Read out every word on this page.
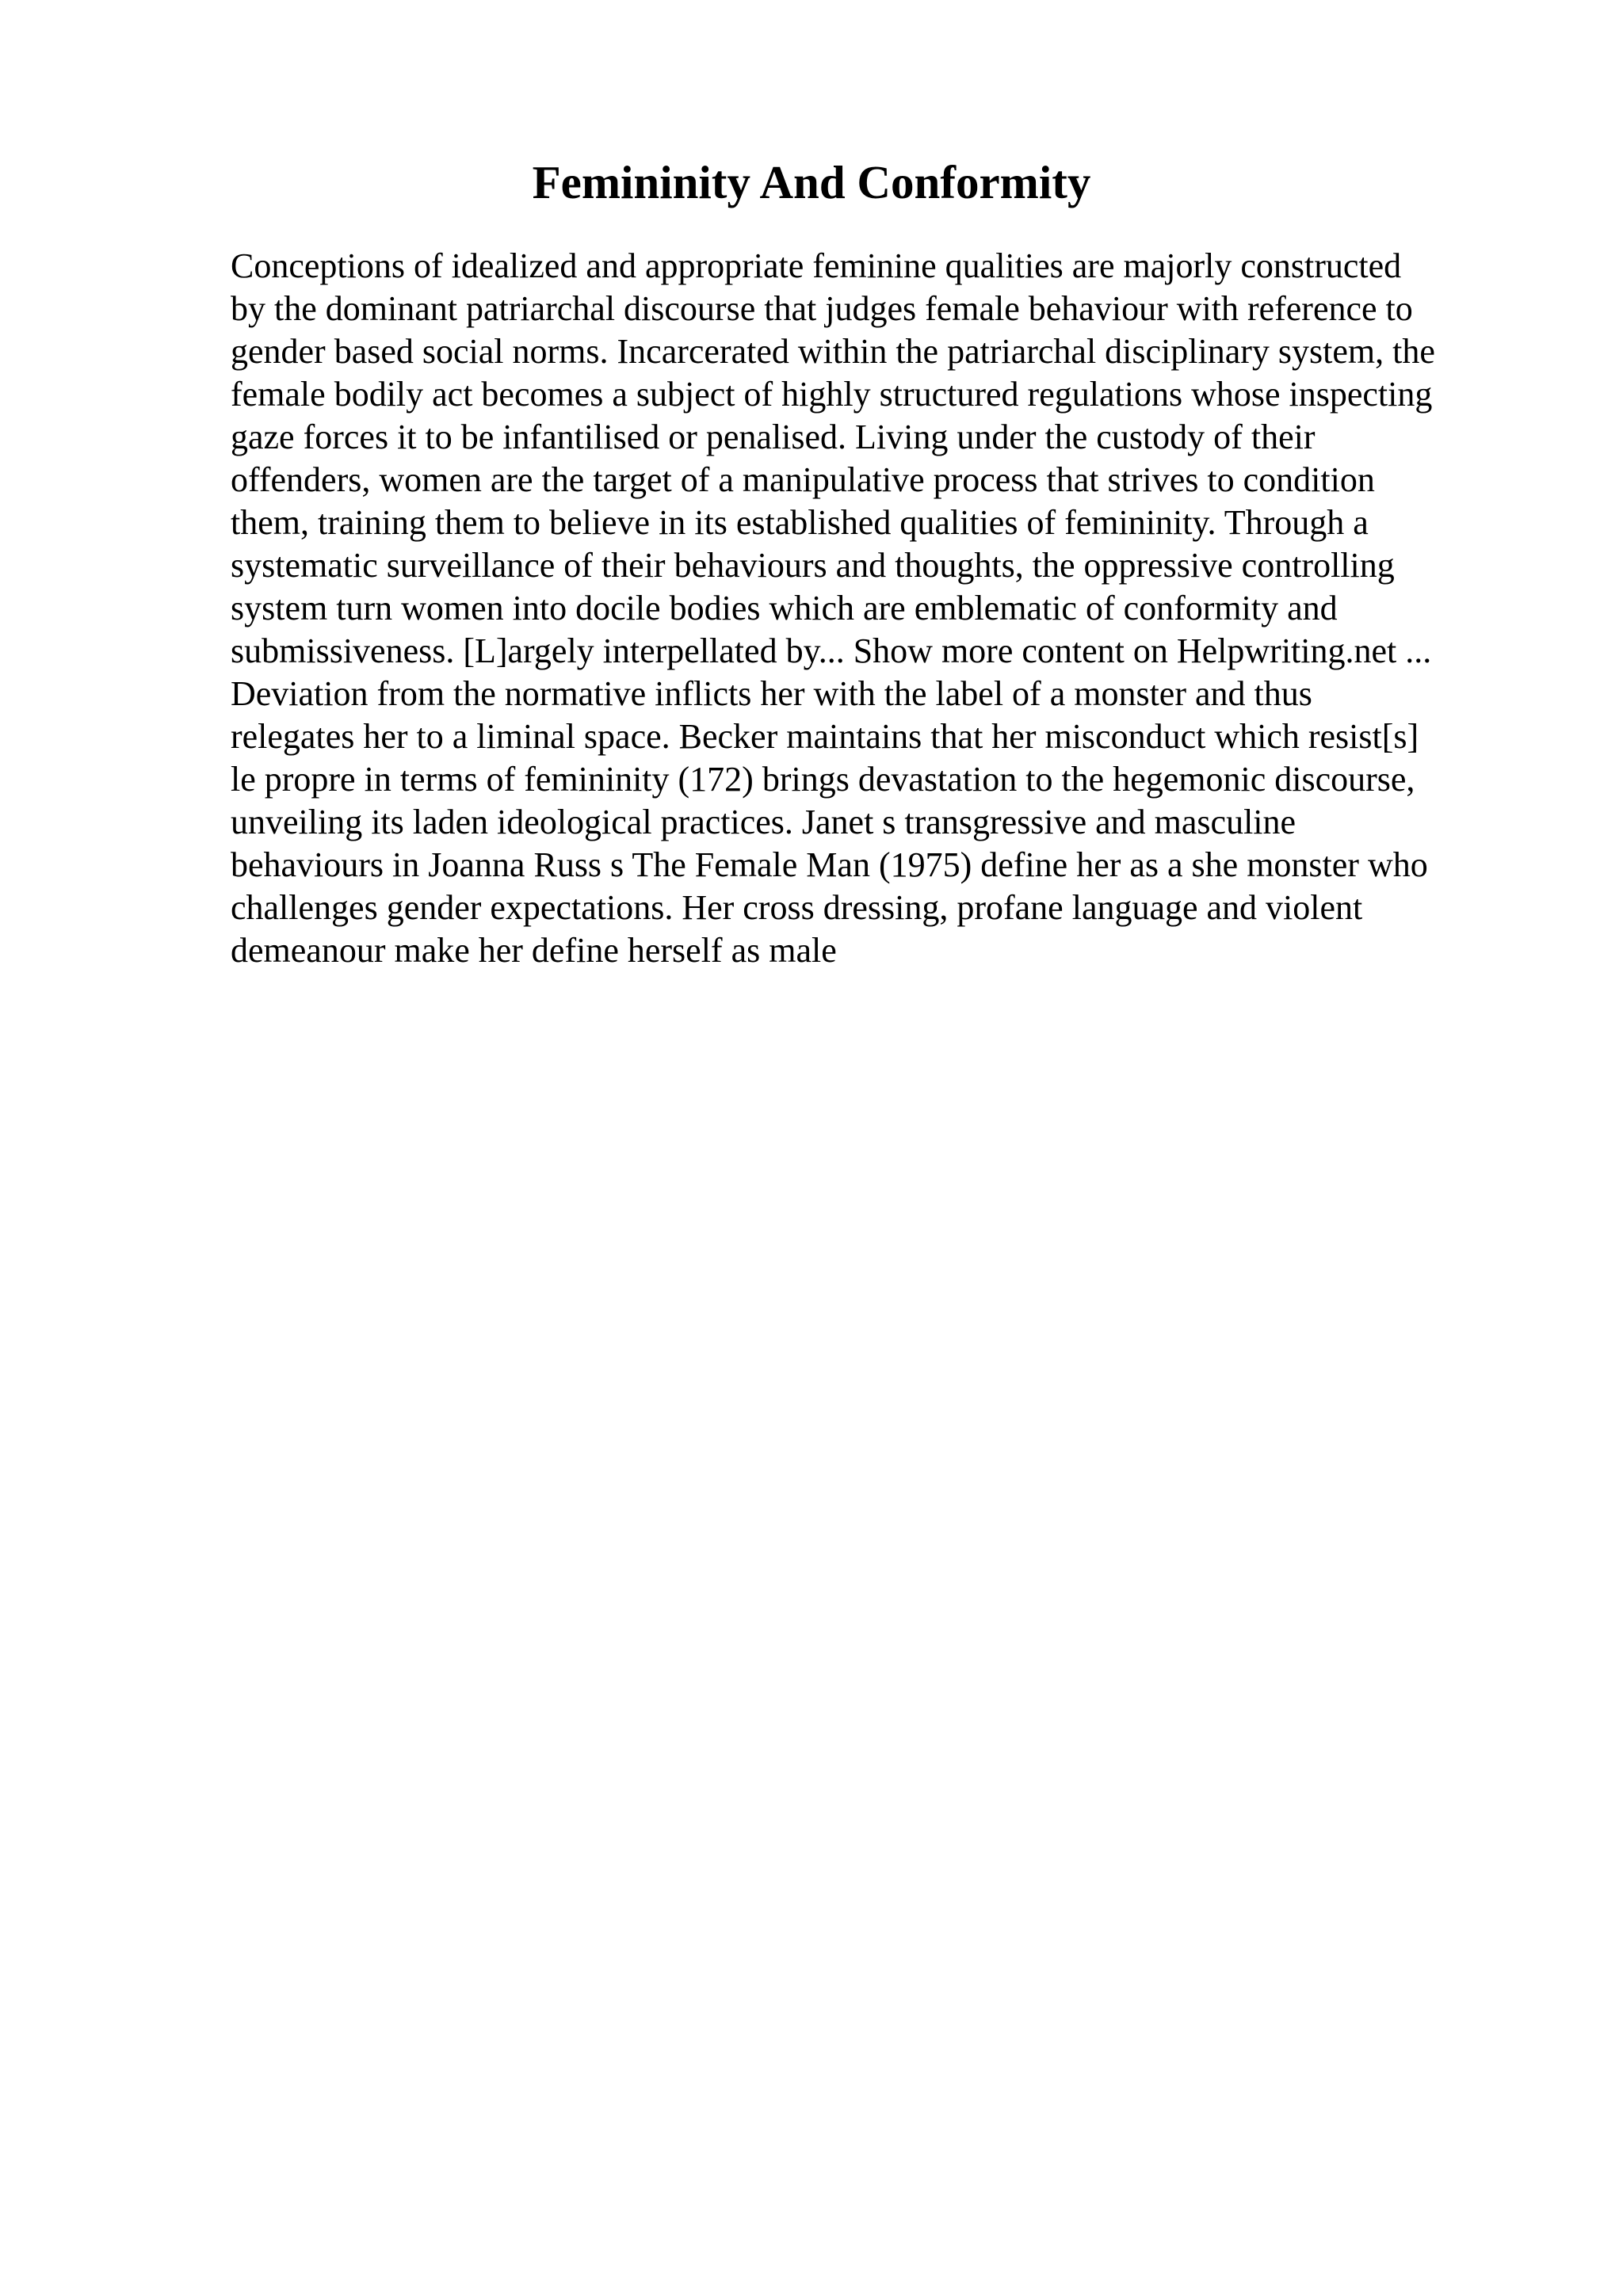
Femininity And Conformity
Conceptions of idealized and appropriate feminine qualities are majorly constructed
by the dominant patriarchal discourse that judges female behaviour with reference to
gender based social norms. Incarcerated within the patriarchal disciplinary system, the
female bodily act becomes a subject of highly structured regulations whose inspecting
gaze forces it to be infantilised or penalised. Living under the custody of their
offenders, women are the target of a manipulative process that strives to condition
them, training them to believe in its established qualities of femininity. Through a
systematic surveillance of their behaviours and thoughts, the oppressive controlling
system turn women into docile bodies which are emblematic of conformity and
submissiveness. [L]argely interpellated by... Show more content on Helpwriting.net ...
Deviation from the normative inflicts her with the label of a monster and thus
relegates her to a liminal space. Becker maintains that her misconduct which resist[s]
le propre in terms of femininity (172) brings devastation to the hegemonic discourse,
unveiling its laden ideological practices. Janet s transgressive and masculine
behaviours in Joanna Russ s The Female Man (1975) define her as a she monster who
challenges gender expectations. Her cross dressing, profane language and violent
demeanour make her define herself as male
